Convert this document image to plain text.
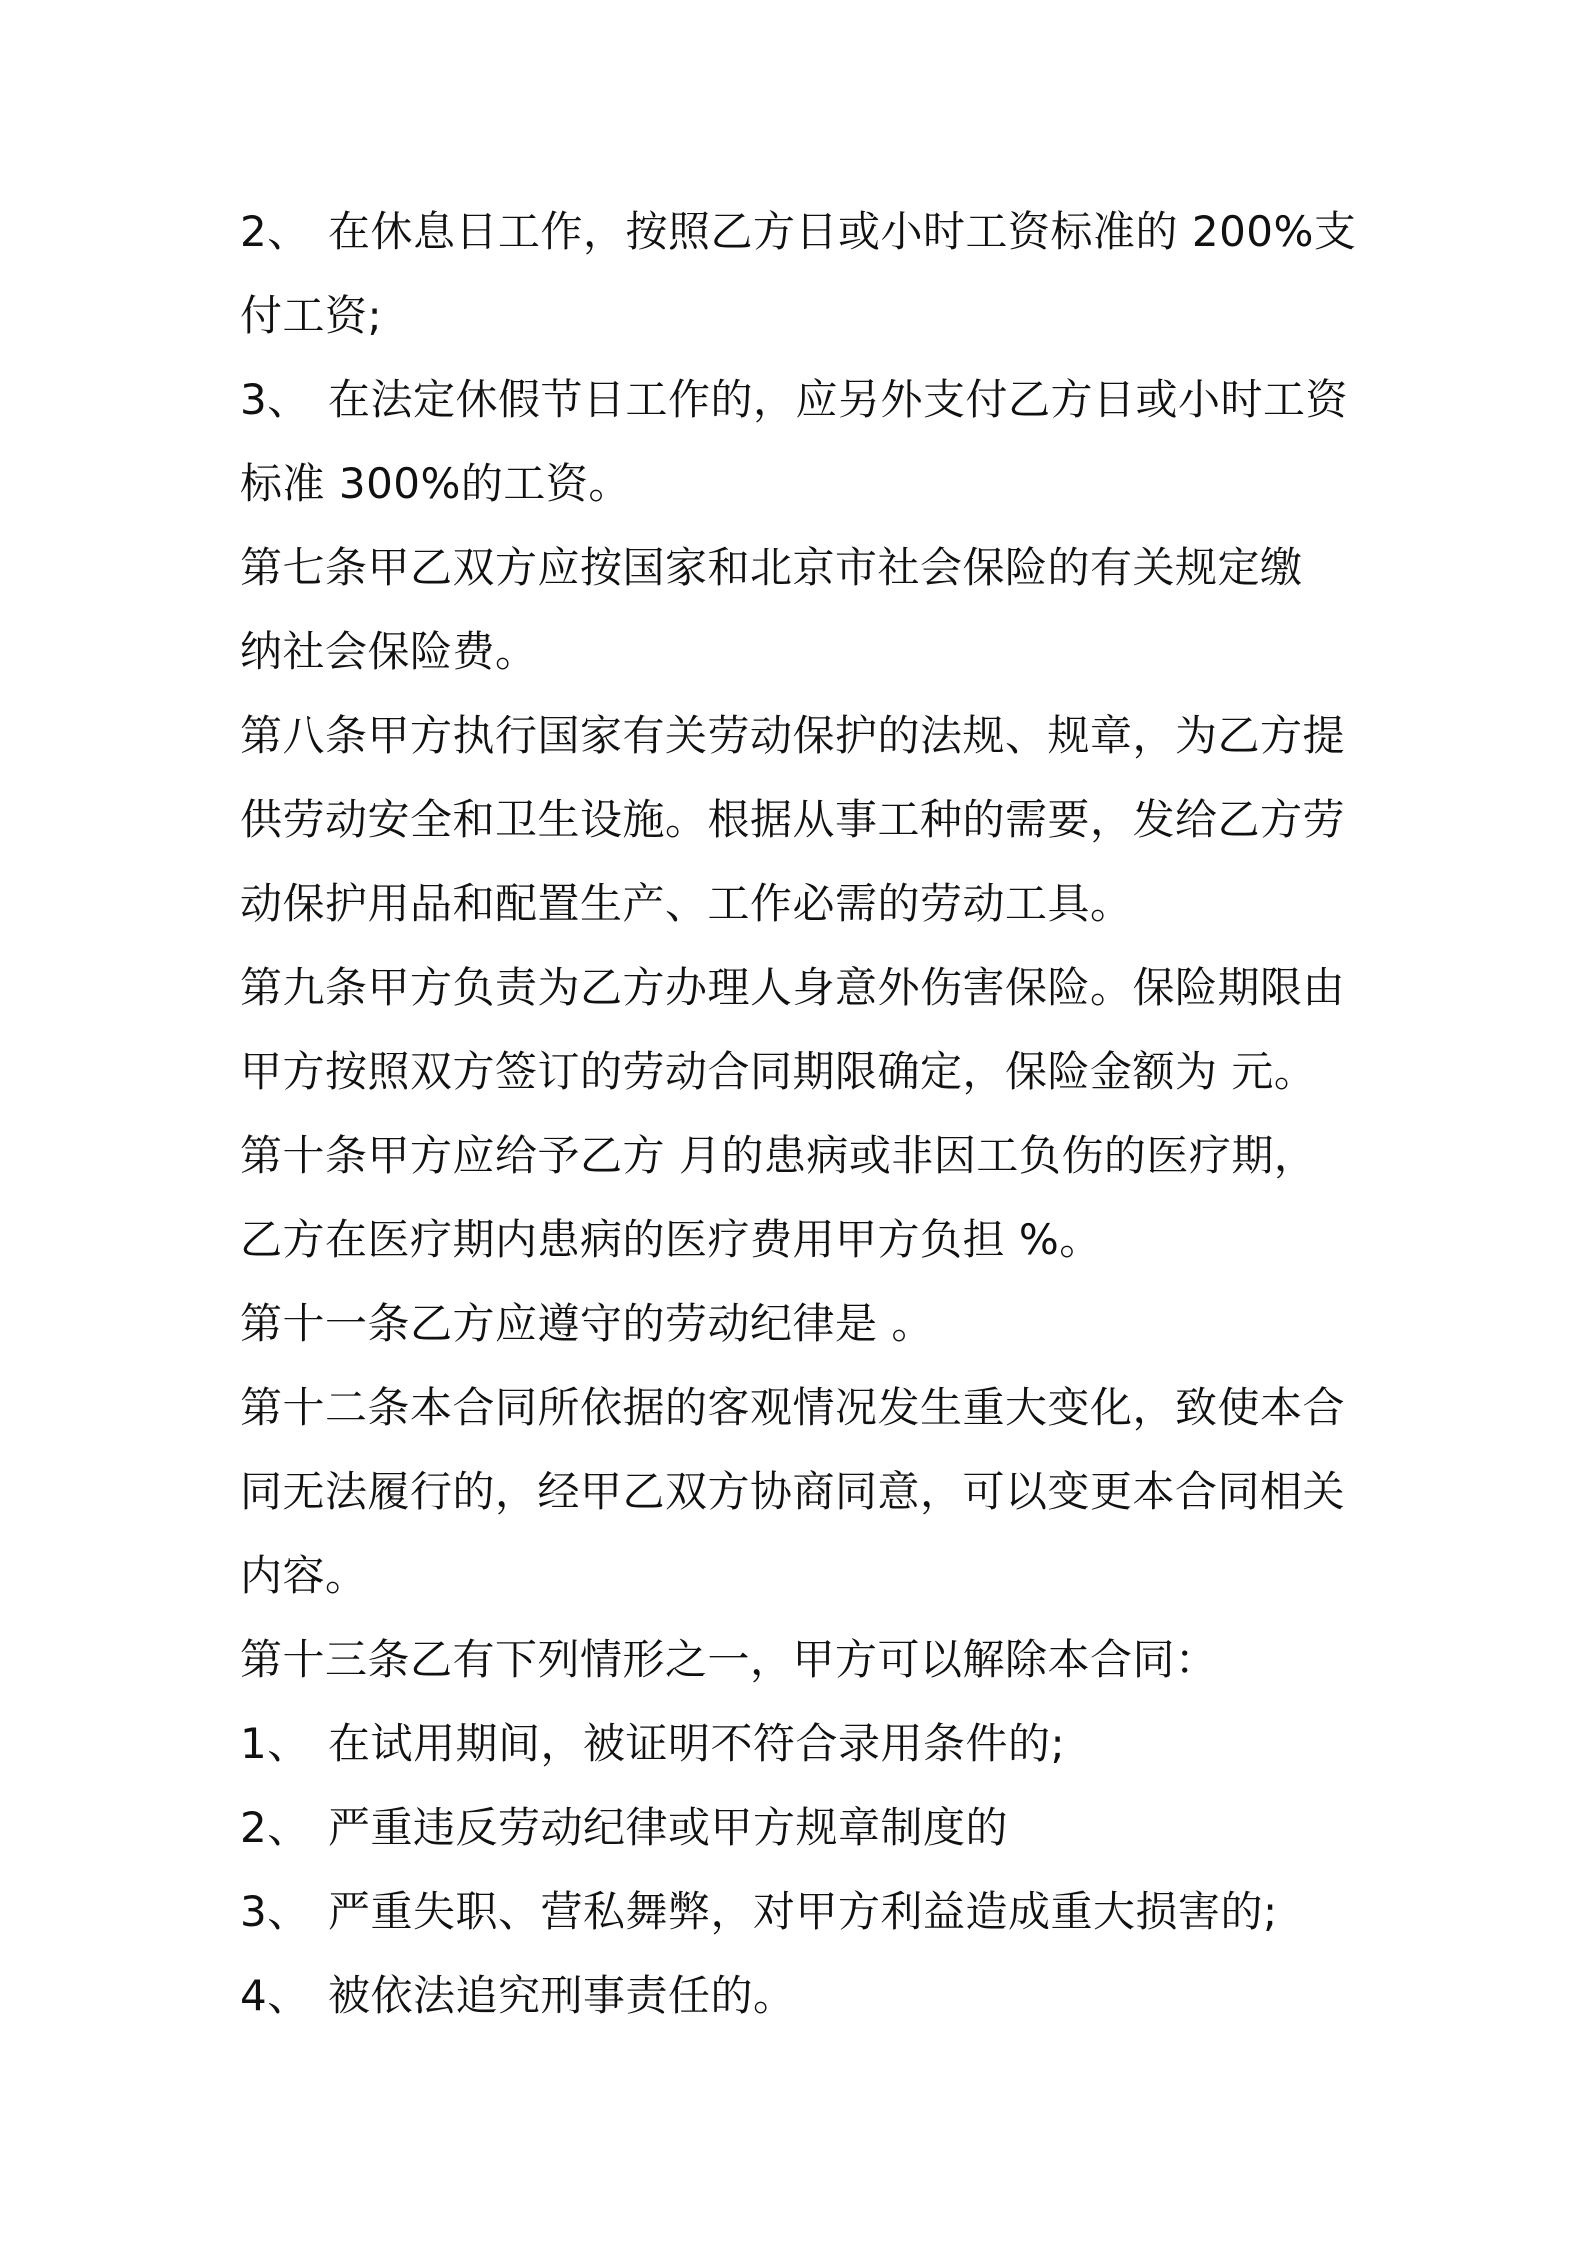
2、 在休息日工作，按照乙方日或小时工资标准的 200%支
付工资;
3、 在法定休假节日工作的，应另外支付乙方日或小时工资
标准 300%的工资。
第七条甲乙双方应按国家和北京市社会保险的有关规定缴
纳社会保险费。
第八条甲方执行国家有关劳动保护的法规、规章，为乙方提
供劳动安全和卫生设施。根据从事工种的需要，发给乙方劳
动保护用品和配置生产、工作必需的劳动工具。
第九条甲方负责为乙方办理人身意外伤害保险。保险期限由
甲方按照双方签订的劳动合同期限确定，保险金额为 元。
第十条甲方应给予乙方 月的患病或非因工负伤的医疗期，
乙方在医疗期内患病的医疗费用甲方负担 %。
第十一条乙方应遵守的劳动纪律是 。
第十二条本合同所依据的客观情况发生重大变化，致使本合
同无法履行的，经甲乙双方协商同意，可以变更本合同相关
内容。
第十三条乙有下列情形之一，甲方可以解除本合同：
1、 在试用期间，被证明不符合录用条件的;
2、 严重违反劳动纪律或甲方规章制度的
3、 严重失职、营私舞弊，对甲方利益造成重大损害的;
4、 被依法追究刑事责任的。
